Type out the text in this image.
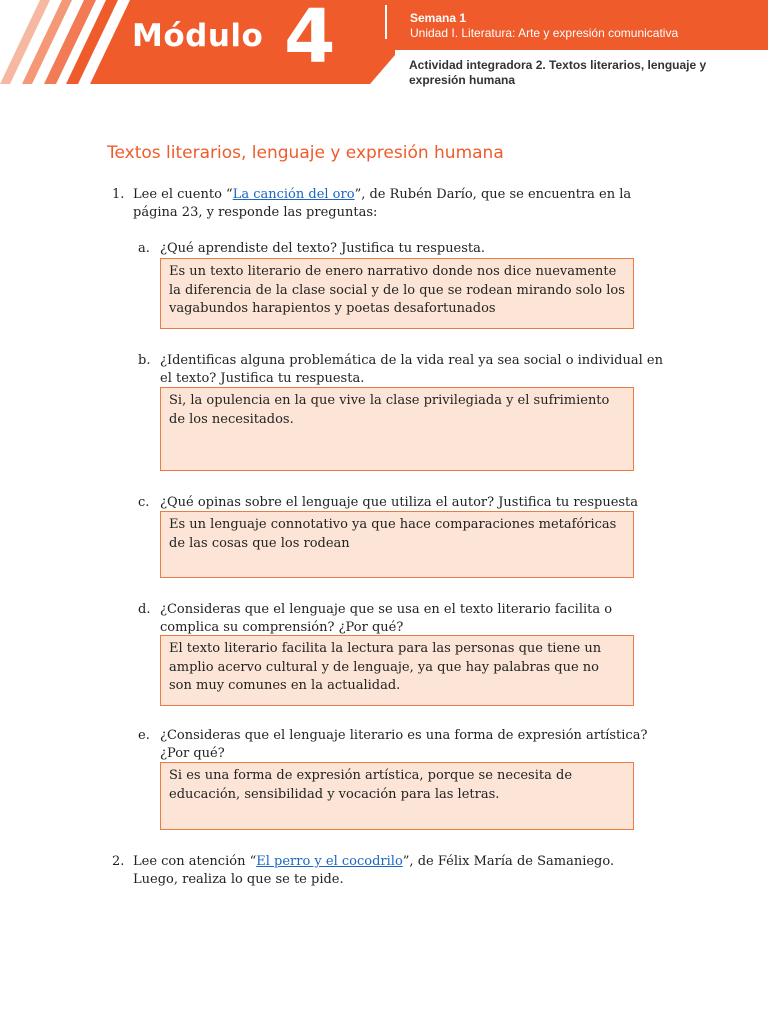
Módulo 4	Semana 1
Unidad I. Literatura: Arte y expresión comunicativa
Actividad integradora 2. Textos literarios, lenguaje y expresión humana
Textos literarios, lenguaje y expresión humana
1. Lee el cuento “La canción del oro”, de Rubén Darío, que se encuentra en la página 23, y responde las preguntas:
a. ¿Qué aprendiste del texto? Justifica tu respuesta.
Es un texto literario de enero narrativo donde nos dice nuevamente la diferencia de la clase social y de lo que se rodean mirando solo los vagabundos harapientos y poetas desafortunados
b. ¿Identificas alguna problemática de la vida real ya sea social o individual en el texto? Justifica tu respuesta.
Si, la opulencia en la que vive la clase privilegiada y el sufrimiento de los necesitados.
c. ¿Qué opinas sobre el lenguaje que utiliza el autor? Justifica tu respuesta
Es un lenguaje connotativo ya que hace comparaciones metafóricas de las cosas que los rodean
d. ¿Consideras que el lenguaje que se usa en el texto literario facilita o complica su comprensión? ¿Por qué?
El texto literario facilita la lectura para las personas que tiene un amplio acervo cultural y de lenguaje, ya que hay palabras que no son muy comunes en la actualidad.
e. ¿Consideras que el lenguaje literario es una forma de expresión artística? ¿Por qué?
Si es una forma de expresión artística, porque se necesita de educación, sensibilidad y vocación para las letras.
2. Lee con atención “El perro y el cocodrilo”, de Félix María de Samaniego. Luego, realiza lo que se te pide.
